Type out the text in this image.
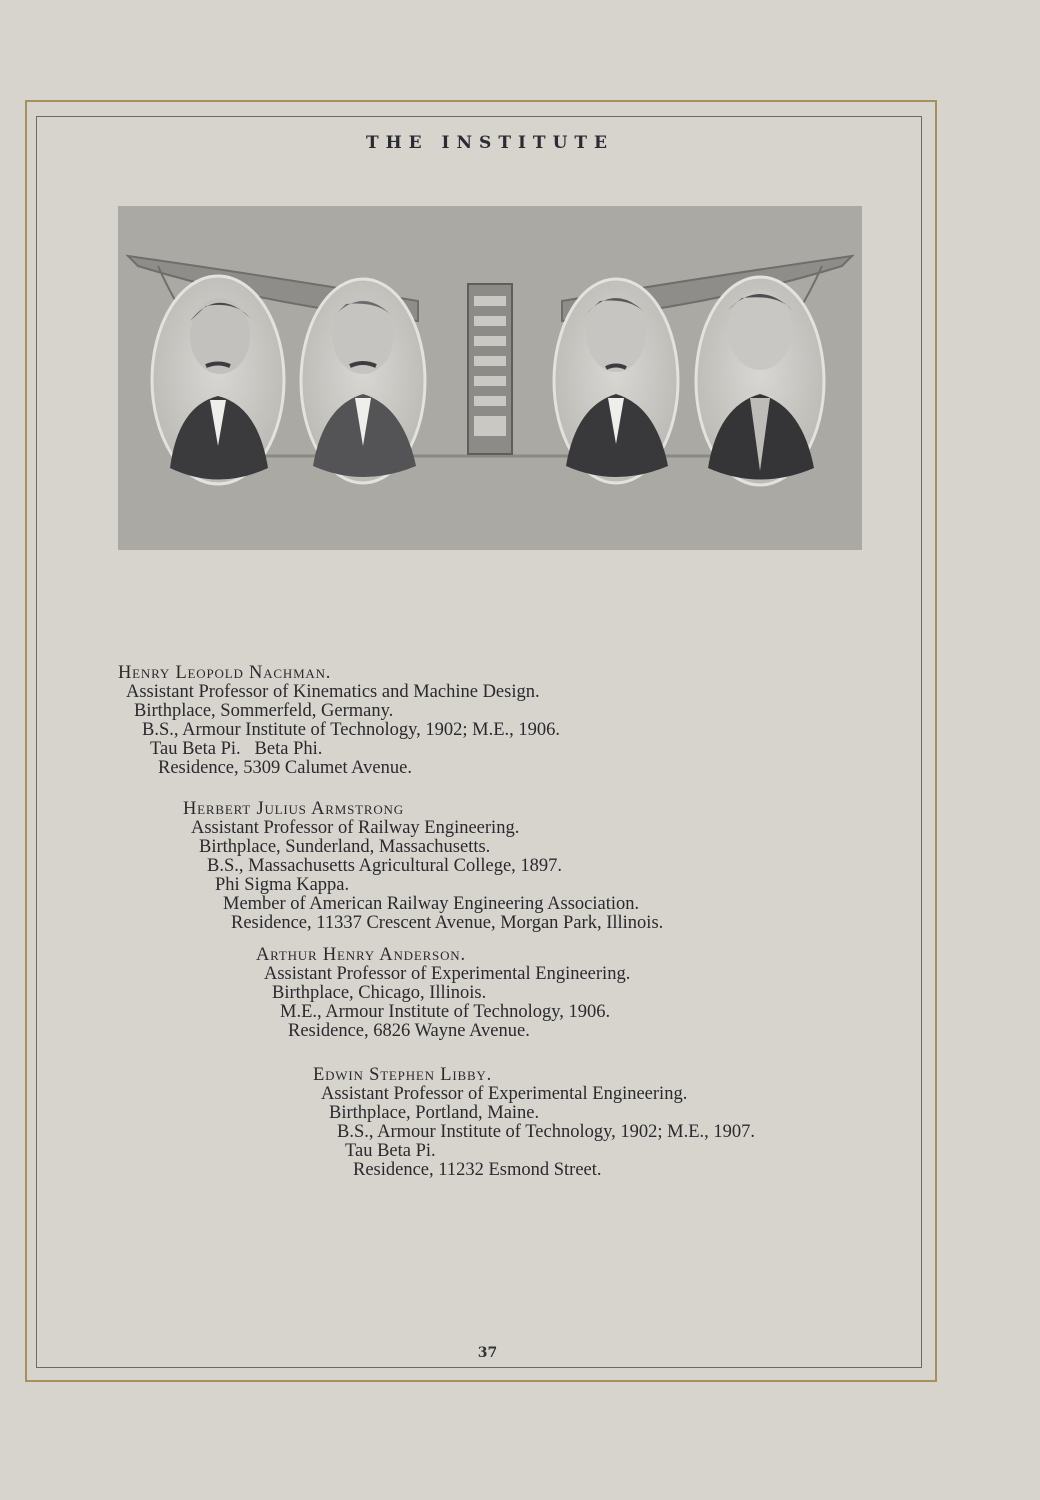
THE INSTITUTE
Henry Leopold Nachman.
Assistant Professor of Kinematics and Machine Design.
Birthplace, Sommerfeld, Germany.
B.S., Armour Institute of Technology, 1902; M.E., 1906.
Tau Beta Pi.   Beta Phi.
Residence, 5309 Calumet Avenue.
Herbert Julius Armstrong
Assistant Professor of Railway Engineering.
Birthplace, Sunderland, Massachusetts.
B.S., Massachusetts Agricultural College, 1897.
Phi Sigma Kappa.
Member of American Railway Engineering Association.
Residence, 11337 Crescent Avenue, Morgan Park, Illinois.
Arthur Henry Anderson.
Assistant Professor of Experimental Engineering.
Birthplace, Chicago, Illinois.
M.E., Armour Institute of Technology, 1906.
Residence, 6826 Wayne Avenue.
Edwin Stephen Libby.
Assistant Professor of Experimental Engineering.
Birthplace, Portland, Maine.
B.S., Armour Institute of Technology, 1902; M.E., 1907.
Tau Beta Pi.
Residence, 11232 Esmond Street.
37
